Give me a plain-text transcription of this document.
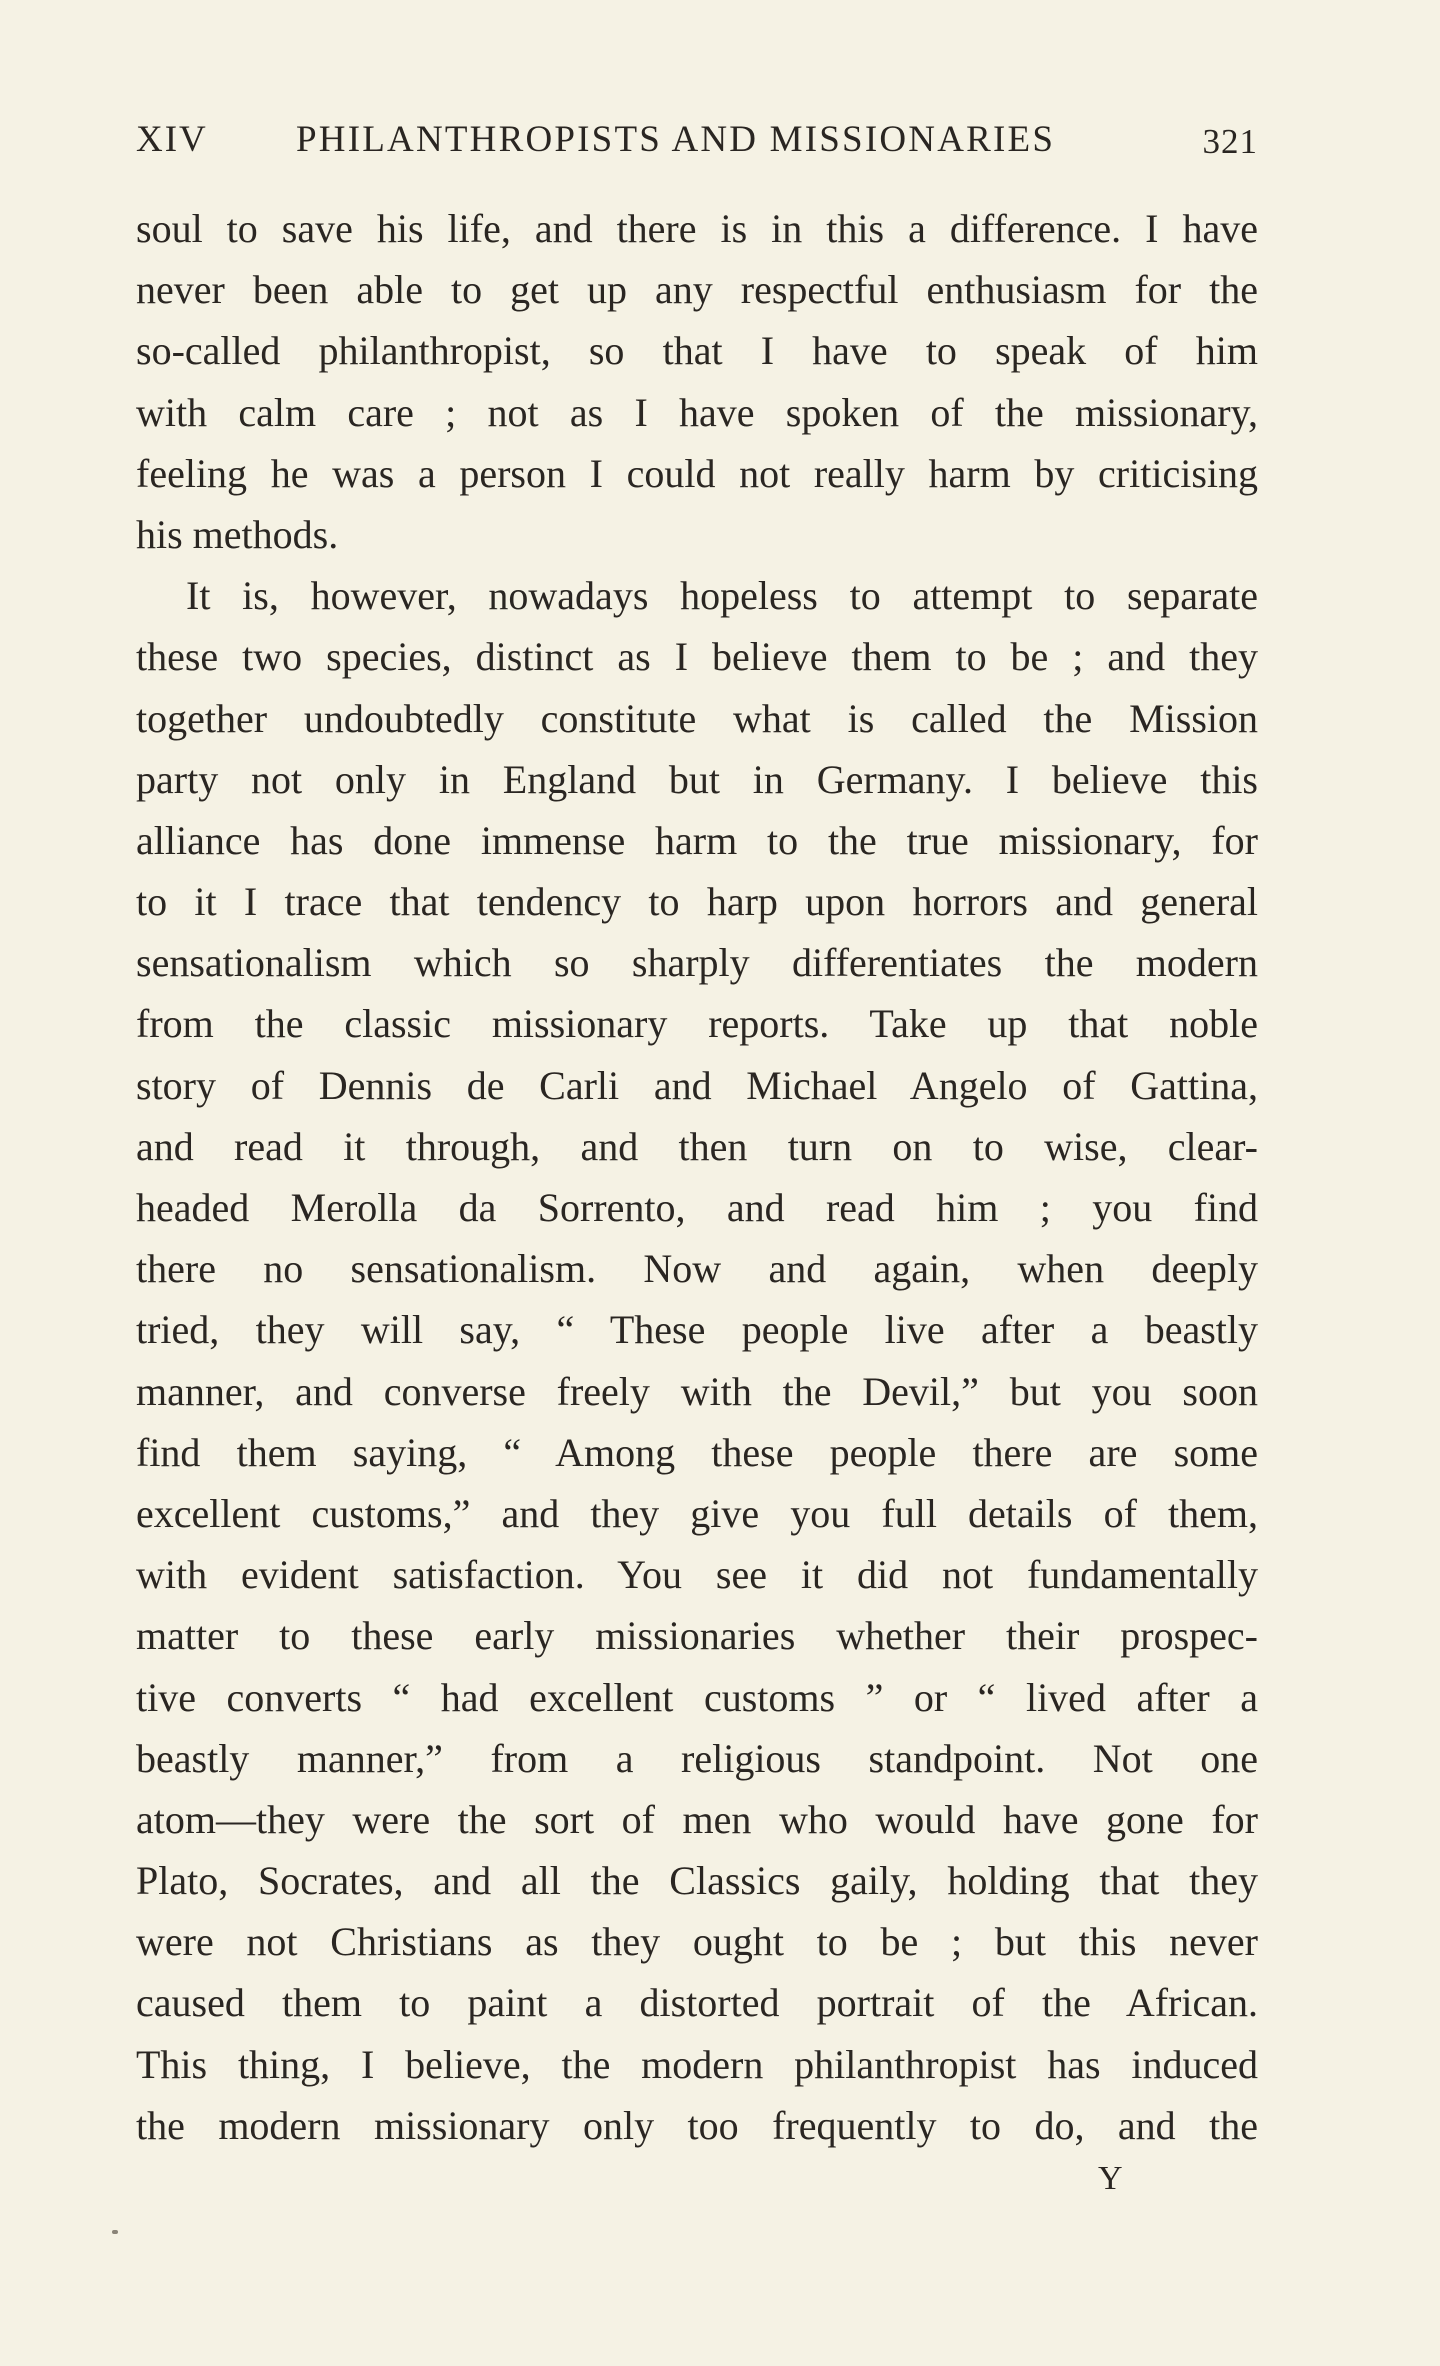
XIV PHILANTHROPISTS AND MISSIONARIES	321
soul to save his life, and there is in this a difference. I have
never been able to get up any respectful enthusiasm for the
so-called philanthropist, so that I have to speak of him
with calm care ; not as I have spoken of the missionary,
feeling he was a person I could not really harm by criticising
his methods.
It is, however, nowadays hopeless to attempt to separate
these two species, distinct as I believe them to be ; and they
together undoubtedly constitute what is called the Mission
party not only in England but in Germany. I believe this
alliance has done immense harm to the true missionary, for
to it I trace that tendency to harp upon horrors and general
sensationalism which so sharply differentiates the modern
from the classic missionary reports. Take up that noble
story of Dennis de Carli and Michael Angelo of Gattina,
and read it through, and then turn on to wise, clear-
headed Merolla da Sorrento, and read him ; you find
there no sensationalism. Now and again, when deeply
tried, they will say, “ These people live after a beastly
manner, and converse freely with the Devil,” but you soon
find them saying, “ Among these people there are some
excellent customs,” and they give you full details of them,
with evident satisfaction. You see it did not fundamentally
matter to these early missionaries whether their prospec-
tive converts “ had excellent customs ” or “ lived after a
beastly manner,” from a religious standpoint. Not one
atom—they were the sort of men who would have gone for
Plato, Socrates, and all the Classics gaily, holding that they
were not Christians as they ought to be ; but this never
caused them to paint a distorted portrait of the African.
This thing, I believe, the modern philanthropist has induced
the modern missionary only too frequently to do, and the
Y
